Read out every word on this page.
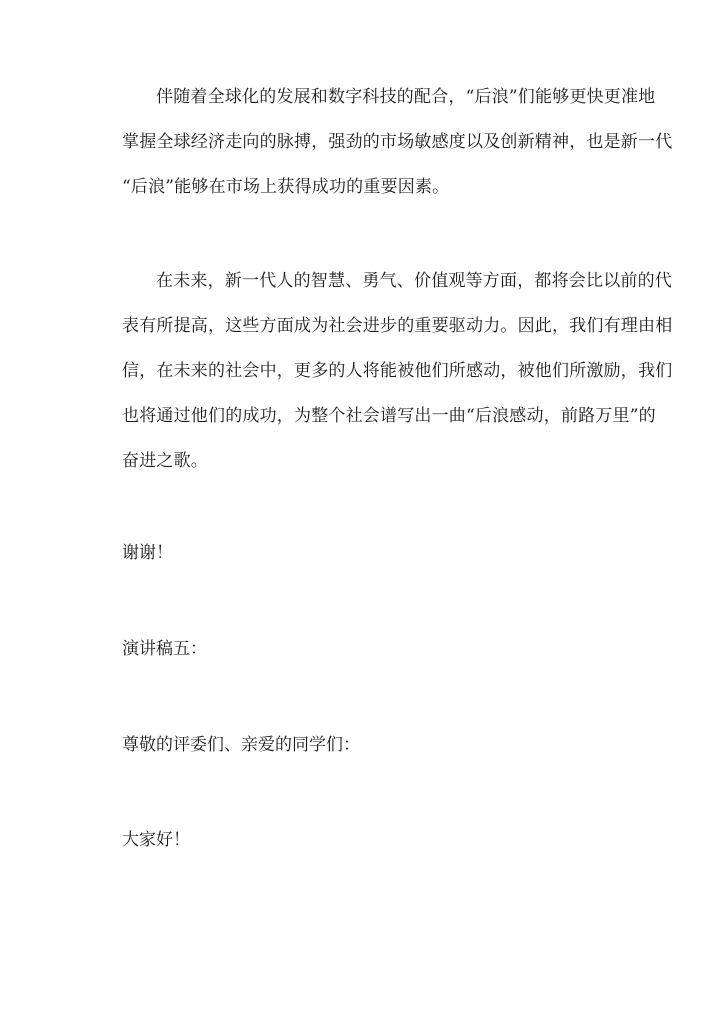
伴随着全球化的发展和数字科技的配合，“后浪”们能够更快更准地
掌握全球经济走向的脉搏，强劲的市场敏感度以及创新精神，也是新一代
“后浪”能够在市场上获得成功的重要因素。
在未来，新一代人的智慧、勇气、价值观等方面，都将会比以前的代
表有所提高，这些方面成为社会进步的重要驱动力。因此，我们有理由相
信，在未来的社会中，更多的人将能被他们所感动，被他们所激励，我们
也将通过他们的成功，为整个社会谱写出一曲“后浪感动，前路万里”的
奋进之歌。

谢谢！

演讲稿五：

尊敬的评委们、亲爱的同学们：

大家好！
